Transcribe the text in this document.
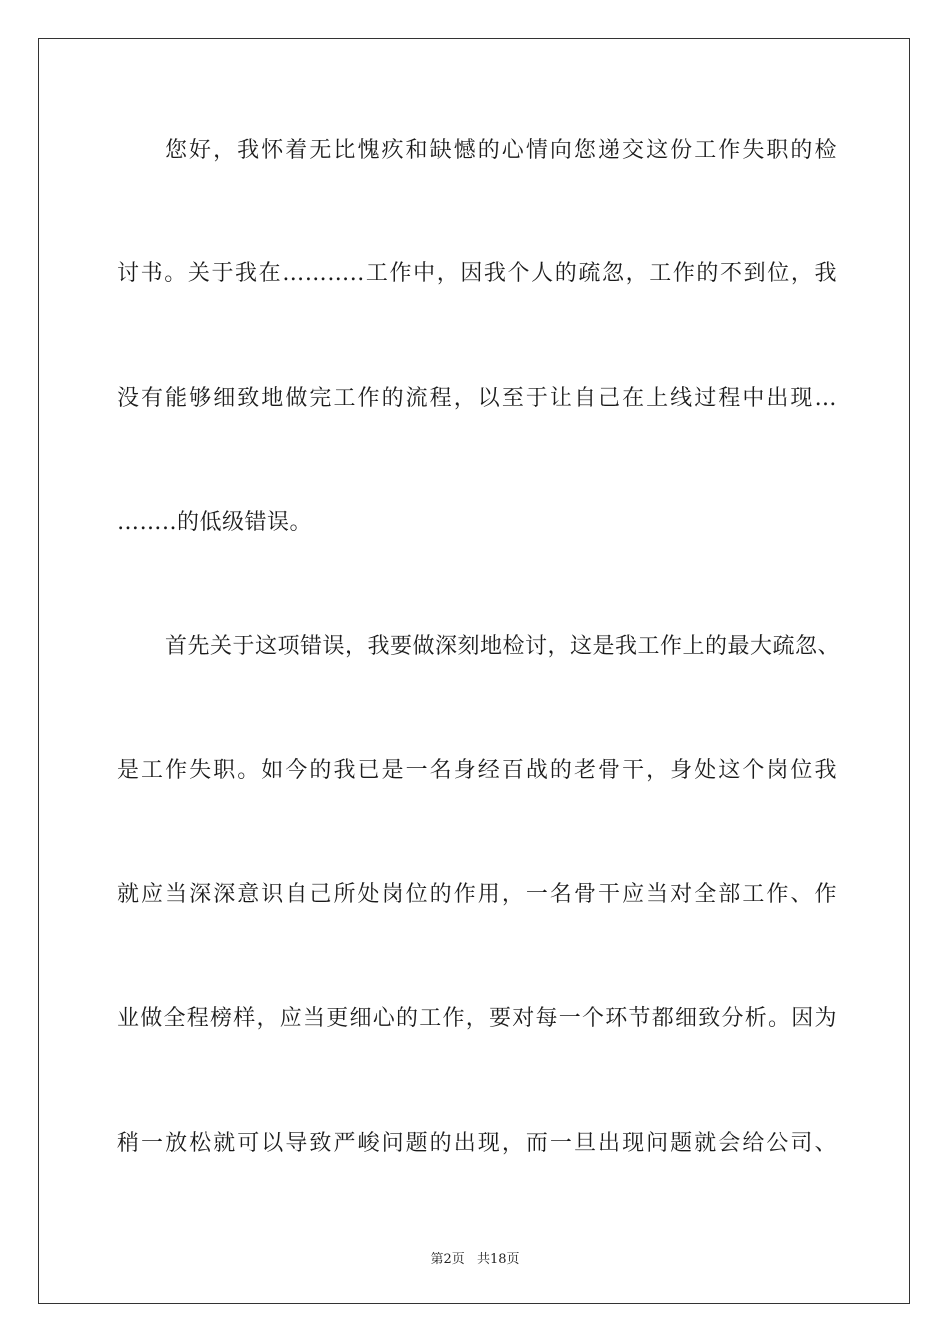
您好，我怀着无比愧疚和缺憾的心情向您递交这份工作失职的检
讨书。关于我在………..工作中，因我个人的疏忽，工作的不到位，我
没有能够细致地做完工作的流程，以至于让自己在上线过程中出现…
……..的低级错误。
首先关于这项错误，我要做深刻地检讨，这是我工作上的最大疏忽、
是工作失职。如今的我已是一名身经百战的老骨干，身处这个岗位我
就应当深深意识自己所处岗位的作用，一名骨干应当对全部工作、作
业做全程榜样，应当更细心的工作，要对每一个环节都细致分析。因为
稍一放松就可以导致严峻问题的出现，而一旦出现问题就会给公司、
第2页 共18页
